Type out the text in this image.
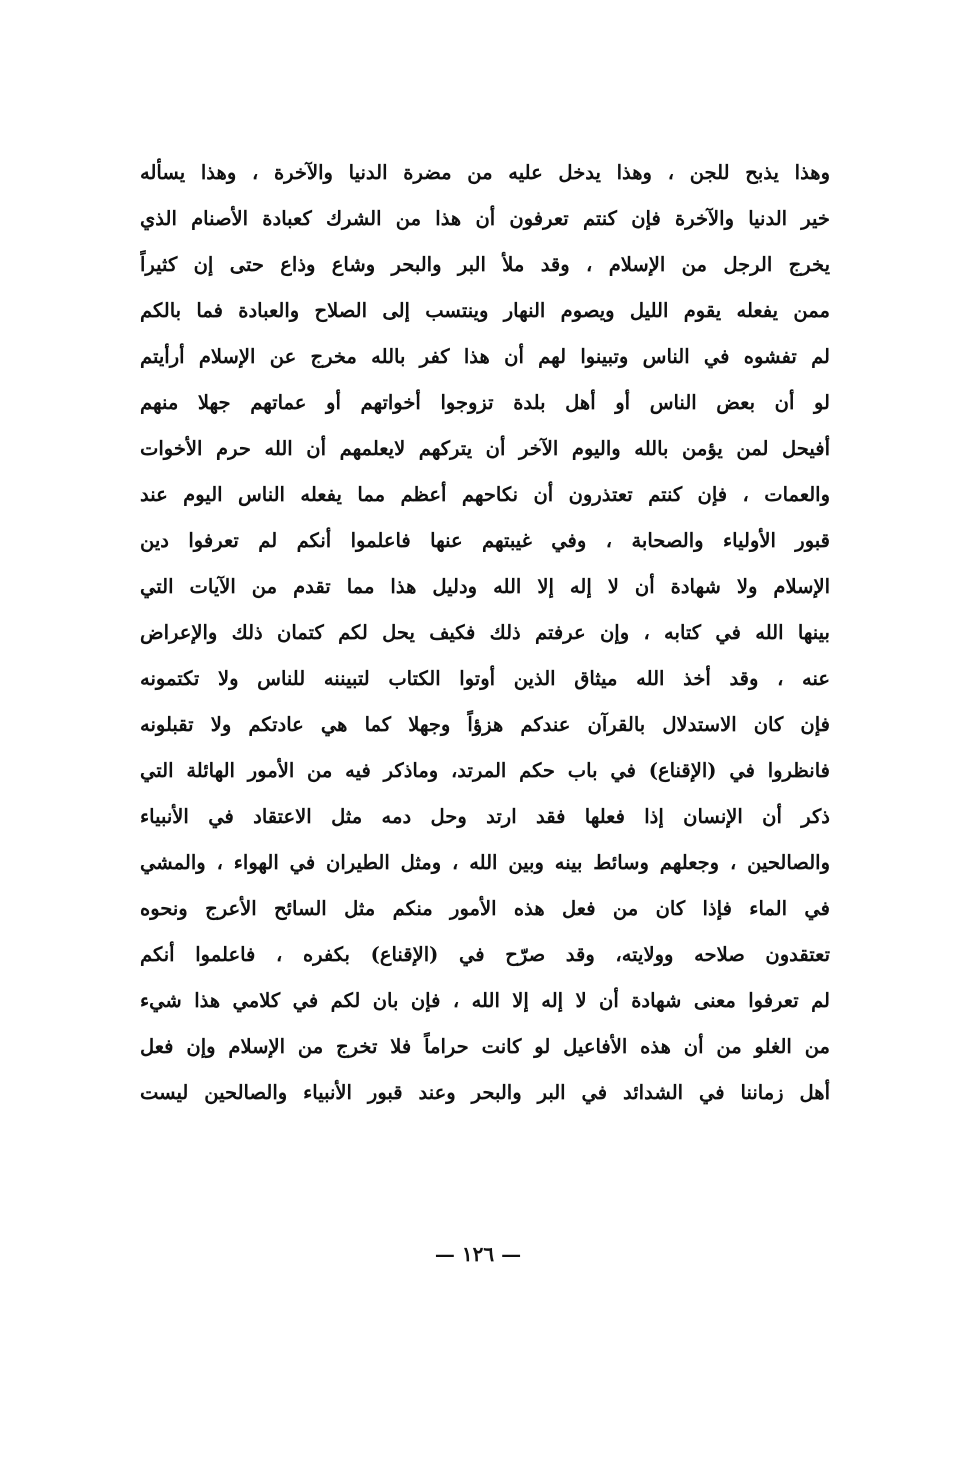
وهذا يذبح للجن ، وهذا يدخل عليه من مضرة الدنيا والآخرة ، وهذا يسأله
خير الدنيا والآخرة فإن كنتم تعرفون أن هذا من الشرك كعبادة الأصنام الذي
يخرج الرجل من الإسلام ، وقد ملأ البر والبحر وشاع وذاع حتى إن كثيراً
ممن يفعله يقوم الليل ويصوم النهار وينتسب إلى الصلاح والعبادة فما بالكم
لم تفشوه في الناس وتبينوا لهم أن هذا كفر بالله مخرج عن الإسلام أرأيتم
لو أن بعض الناس أو أهل بلدة تزوجوا أخواتهم أو عماتهم جهلا منهم
أفيحل لمن يؤمن بالله واليوم الآخر أن يتركهم لايعلمهم أن الله حرم الأخوات
والعمات ، فإن كنتم تعتذرون أن نكاحهم أعظم مما يفعله الناس اليوم عند
قبور الأولياء والصحابة ، وفي غيبتهم عنها فاعلموا أنكم لم تعرفوا دين
الإسلام ولا شهادة أن لا إله إلا الله ودليل هذا مما تقدم من الآيات التي
بينها الله في كتابه ، وإن عرفتم ذلك فكيف يحل لكم كتمان ذلك والإعراض
عنه ، وقد أخذ الله ميثاق الذين أوتوا الكتاب لتبيننه للناس ولا تكتمونه
فإن كان الاستدلال بالقرآن عندكم هزؤاً وجهلا كما هي عادتكم ولا تقبلونه
فانظروا في (الإقناع) في باب حكم المرتد، وماذكر فيه من الأمور الهائلة التي
ذكر أن الإنسان إذا فعلها فقد ارتد وحل دمه مثل الاعتقاد في الأنبياء
والصالحين ، وجعلهم وسائط بينه وبين الله ، ومثل الطيران في الهواء ، والمشي
في الماء فإذا كان من فعل هذه الأمور منكم مثل السائح الأعرج ونحوه
تعتقدون صلاحه وولايته، وقد صرّح في (الإقناع) بكفره ، فاعلموا أنكم
لم تعرفوا معنى شهادة أن لا إله إلا الله ، فإن بان لكم في كلامي هذا شيء
من الغلو من أن هذه الأفاعيل لو كانت حراماً فلا تخرج من الإسلام وإن فعل
أهل زماننا في الشدائد في البر والبحر وعند قبور الأنبياء والصالحين ليست
— ١٢٦ —
